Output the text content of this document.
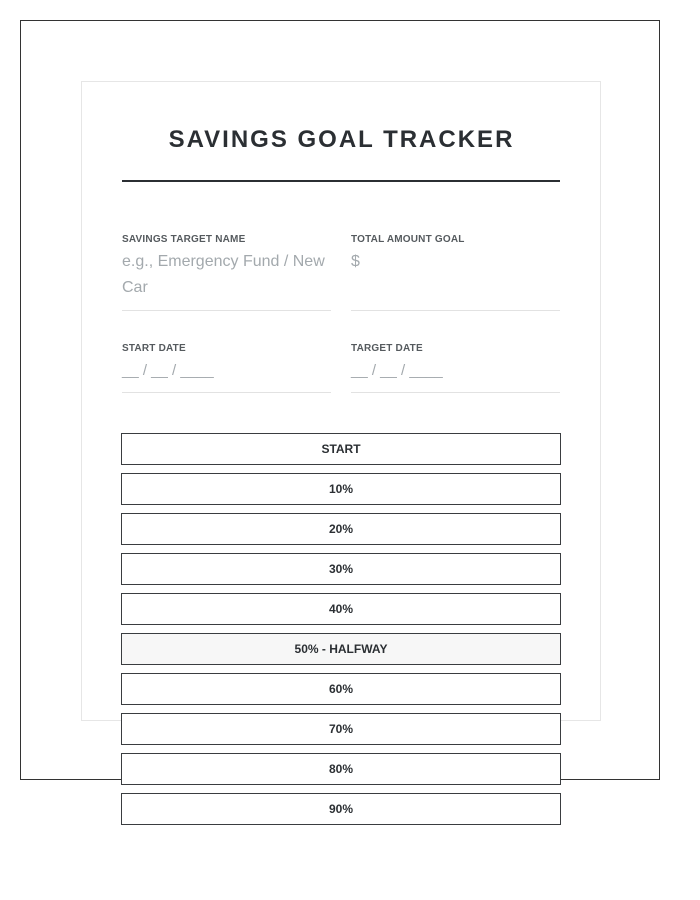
SAVINGS GOAL TRACKER
SAVINGS TARGET NAME
e.g., Emergency Fund / New Car
TOTAL AMOUNT GOAL
$
START DATE
__ / __ / ____
TARGET DATE
__ / __ / ____
START
10%
20%
30%
40%
50% - HALFWAY
60%
70%
80%
90%
